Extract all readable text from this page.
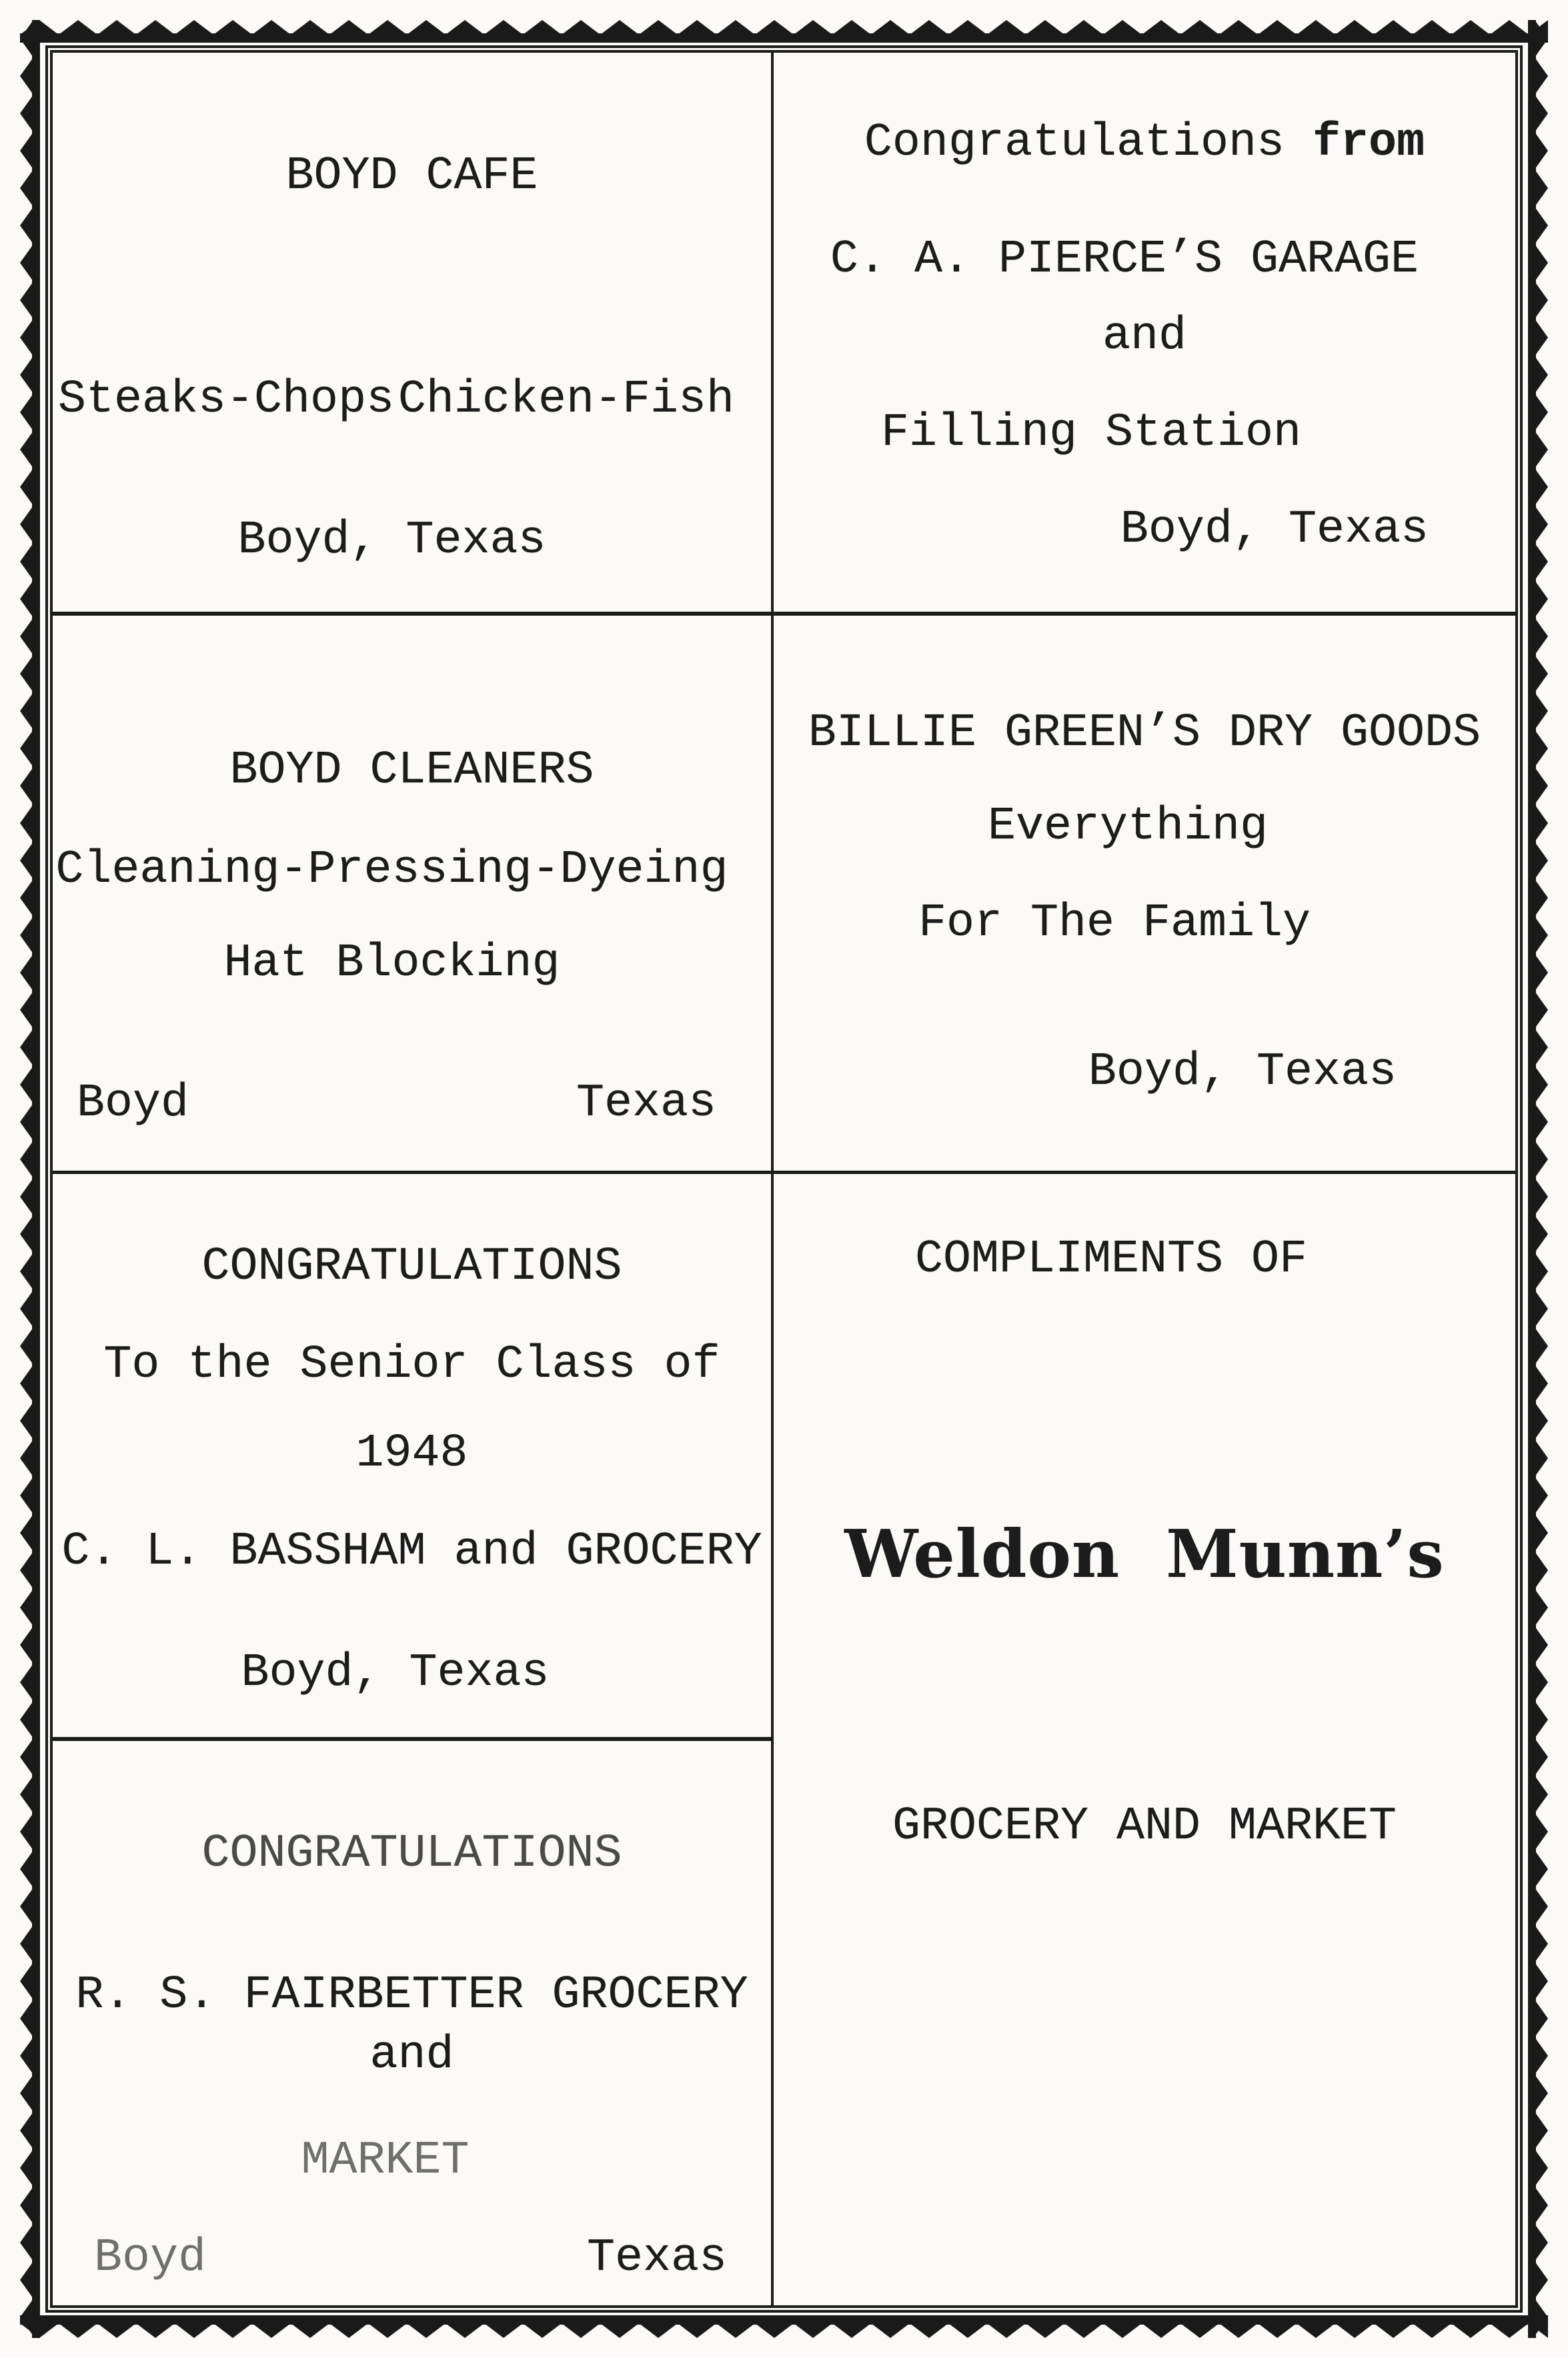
BOYD CAFE
Steaks-Chops Chicken-Fish
Boyd, Texas
Congratulations from
C. A. PIERCE’S GARAGE
and
Filling Station
Boyd, Texas
BOYD CLEANERS
Cleaning-Pressing-Dyeing
Hat Blocking
Boyd	Texas
BILLIE GREEN’S DRY GOODS
Everything
For The Family
Boyd, Texas
CONGRATULATIONS
To the Senior Class of
1948
C. L. BASSHAM and GROCERY
Boyd, Texas
COMPLIMENTS OF
Weldon Munn’s
GROCERY AND MARKET
CONGRATULATIONS
R. S. FAIRBETTER GROCERY
and
MARKET
Boyd	Texas
